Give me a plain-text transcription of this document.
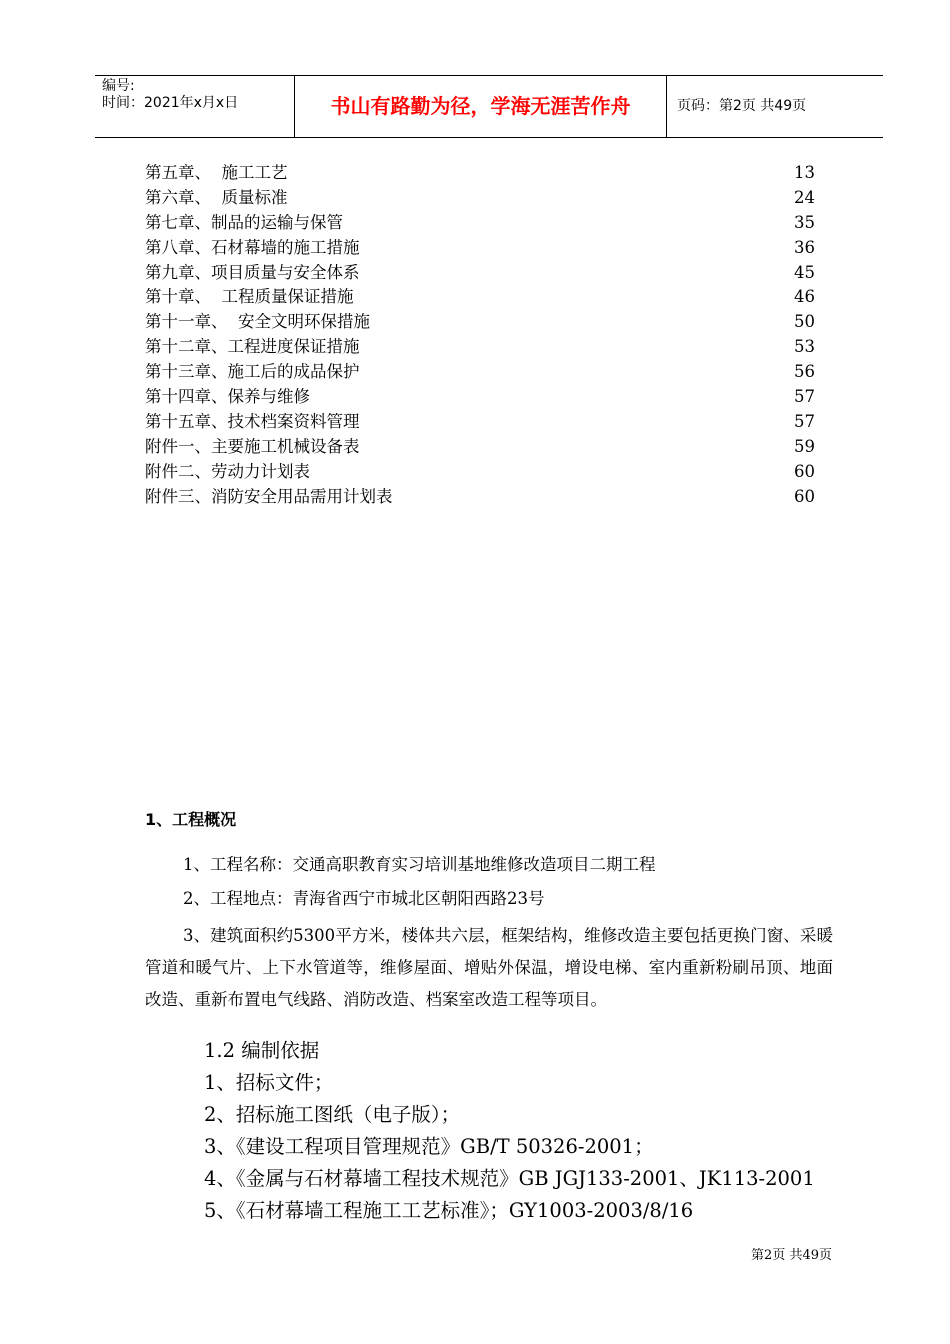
编号:
时间：2021年x月x日	书山有路勤为径，学海无涯苦作舟	页码：第2页 共49页
第五章、  施工工艺	13
第六章、  质量标准	24
第七章、制品的运输与保管	35
第八章、石材幕墙的施工措施	36
第九章、项目质量与安全体系	45
第十章、  工程质量保证措施	46
第十一章、  安全文明环保措施	50
第十二章、工程进度保证措施	53
第十三章、施工后的成品保护	56
第十四章、保养与维修	57
第十五章、技术档案资料管理	57
附件一、主要施工机械设备表	59
附件二、劳动力计划表	60
附件三、消防安全用品需用计划表	60
1、工程概况
1、工程名称：交通高职教育实习培训基地维修改造项目二期工程
2、工程地点：青海省西宁市城北区朝阳西路23号
3、建筑面积约5300平方米，楼体共六层，框架结构，维修改造主要包括更换门窗、采暖管道和暖气片、上下水管道等，维修屋面、增贴外保温，增设电梯、室内重新粉刷吊顶、地面改造、重新布置电气线路、消防改造、档案室改造工程等项目。
1.2 编制依据
1、招标文件；
2、招标施工图纸（电子版）；
3、《建设工程项目管理规范》GB/T 50326-2001；
4、《金属与石材幕墙工程技术规范》GB JGJ133-2001、JK113-2001
5、《石材幕墙工程施工工艺标准》；GY1003-2003/8/16
第2页 共49页
